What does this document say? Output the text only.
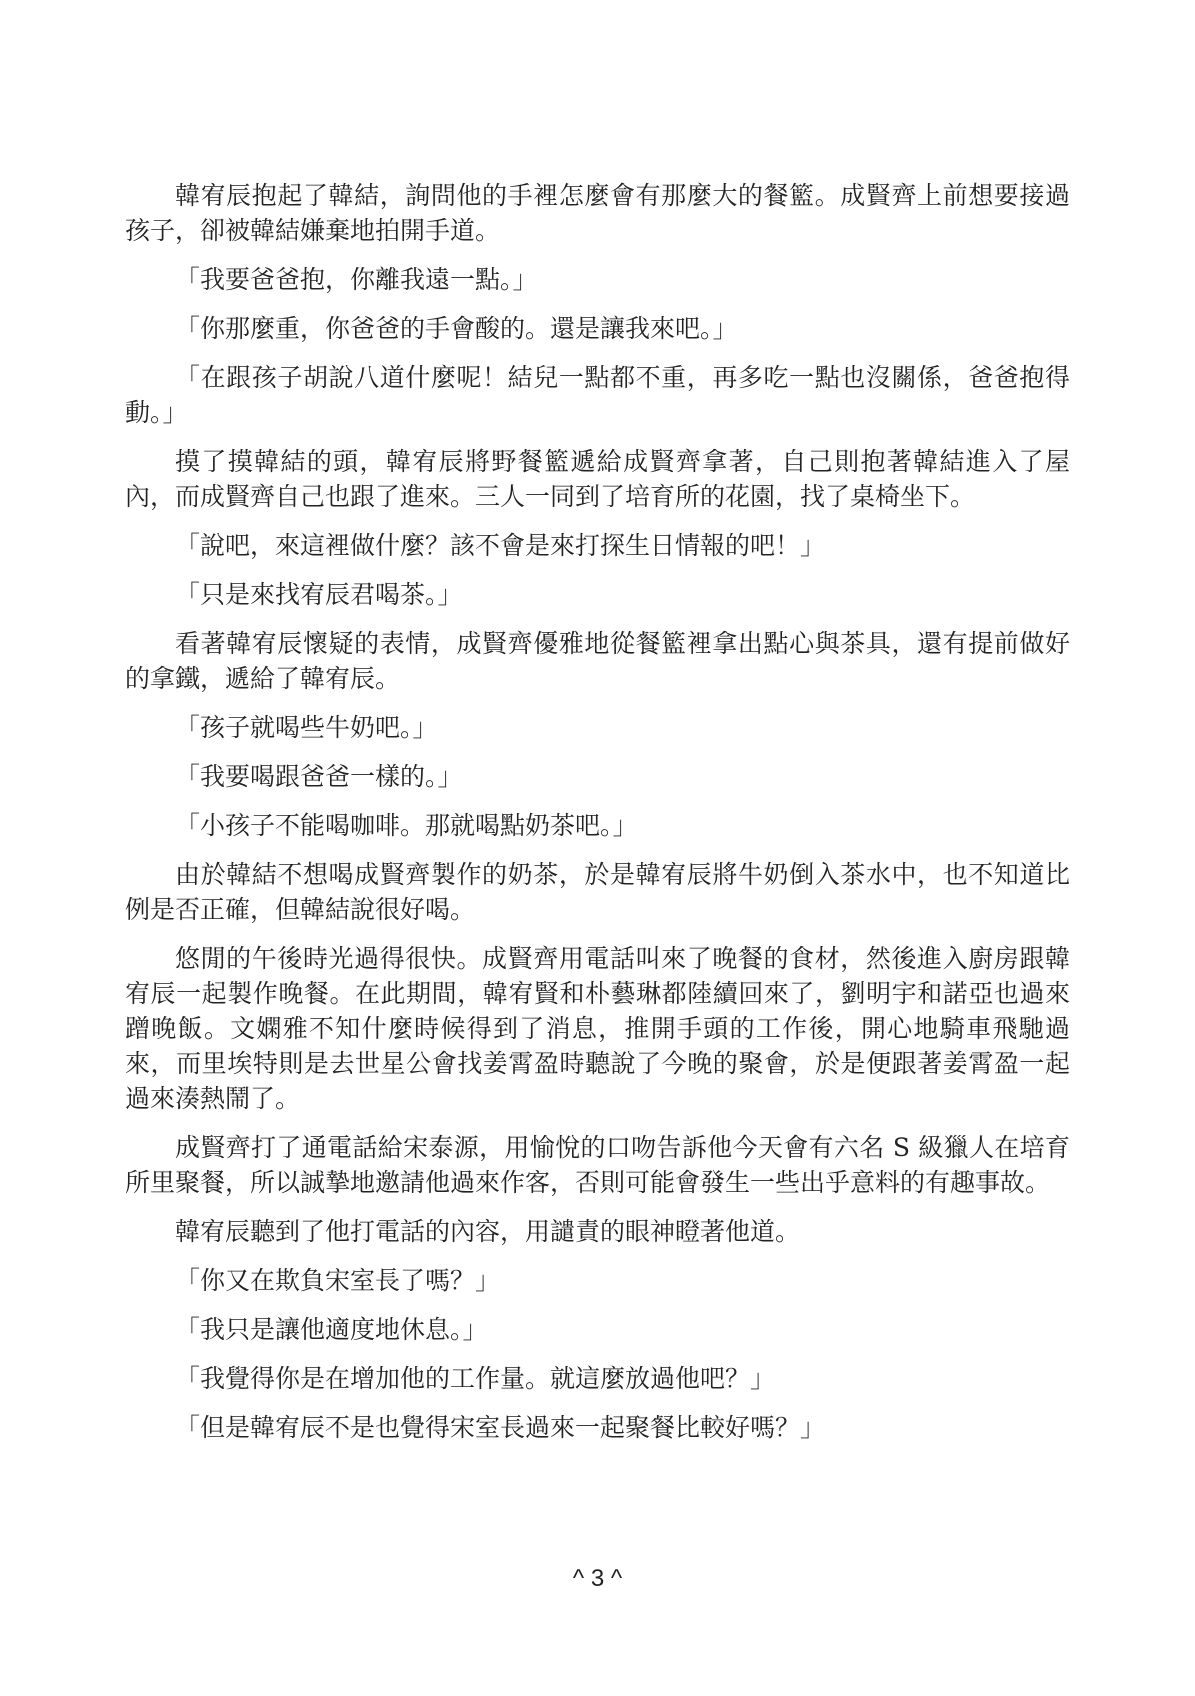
韓宥辰抱起了韓結，詢問他的手裡怎麼會有那麼大的餐籃。成賢齊上前想要接過孩子，卻被韓結嫌棄地拍開手道。

「我要爸爸抱，你離我遠一點。」

「你那麼重，你爸爸的手會酸的。還是讓我來吧。」

「在跟孩子胡說八道什麼呢！結兒一點都不重，再多吃一點也沒關係，爸爸抱得動。」

摸了摸韓結的頭，韓宥辰將野餐籃遞給成賢齊拿著，自己則抱著韓結進入了屋內，而成賢齊自己也跟了進來。三人一同到了培育所的花園，找了桌椅坐下。

「說吧，來這裡做什麼？該不會是來打探生日情報的吧！」

「只是來找宥辰君喝茶。」

看著韓宥辰懷疑的表情，成賢齊優雅地從餐籃裡拿出點心與茶具，還有提前做好的拿鐵，遞給了韓宥辰。

「孩子就喝些牛奶吧。」

「我要喝跟爸爸一樣的。」

「小孩子不能喝咖啡。那就喝點奶茶吧。」

由於韓結不想喝成賢齊製作的奶茶，於是韓宥辰將牛奶倒入茶水中，也不知道比例是否正確，但韓結說很好喝。

悠閒的午後時光過得很快。成賢齊用電話叫來了晚餐的食材，然後進入廚房跟韓宥辰一起製作晚餐。在此期間，韓宥賢和朴藝琳都陸續回來了，劉明宇和諾亞也過來蹭晚飯。文嫻雅不知什麼時候得到了消息，推開手頭的工作後，開心地騎車飛馳過來，而里埃特則是去世星公會找姜霄盈時聽說了今晚的聚會，於是便跟著姜霄盈一起過來湊熱鬧了。

成賢齊打了通電話給宋泰源，用愉悅的口吻告訴他今天會有六名 S 級獵人在培育所里聚餐，所以誠摯地邀請他過來作客，否則可能會發生一些出乎意料的有趣事故。

韓宥辰聽到了他打電話的內容，用譴責的眼神瞪著他道。

「你又在欺負宋室長了嗎？」

「我只是讓他適度地休息。」

「我覺得你是在增加他的工作量。就這麼放過他吧？」

「但是韓宥辰不是也覺得宋室長過來一起聚餐比較好嗎？」

^ 3 ^
